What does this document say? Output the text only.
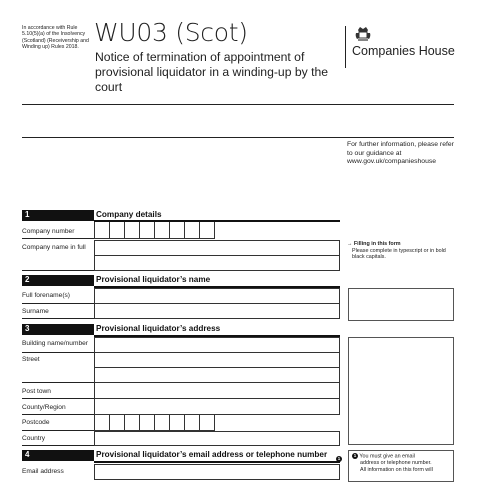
In accordance with Rule 5.10(5)(a) of the Insolvency (Scotland) (Receivership and Winding up) Rules 2018.
WU03 (Scot)
Notice of termination of appointment of provisional liquidator in a winding-up by the court
Companies House
For further information, please refer to our guidance at www.gov.uk/companieshouse
1	Company details
Company number
Company name in full	→ Filling in this form
Please complete in typescript or in bold black capitals.
2	Provisional liquidator’s name
Full forename(s)
Surname
3	Provisional liquidator’s address
Building name/number
Street
Post town
County/Region
Postcode
Country
4	Provisional liquidator’s email address or telephone number	1
Email address
1 You must give an email
address or telephone number.
All information on this form will
